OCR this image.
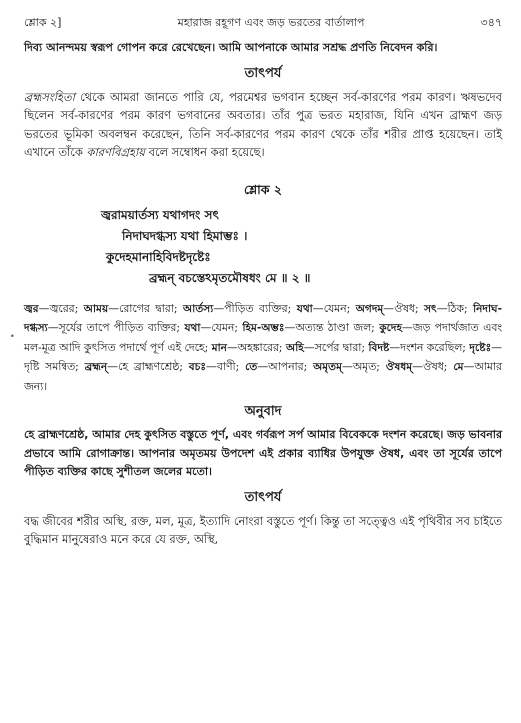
•
শ্লোক ২]	মহারাজ রহূগণ এবং জড় ভরতের বার্তালাপ	৩৪৭

দিব্য আনন্দময় স্বরূপ গোপন করে রেখেছেন। আমি আপনাকে আমার সশ্রদ্ধ প্রণতি নিবেদন করি।

তাৎপর্য

ব্রহ্মসংহিতা থেকে আমরা জানতে পারি যে, পরমেশ্বর ভগবান হচ্ছেন সর্ব-কারণের পরম কারণ। ঋষভদেব ছিলেন সর্ব-কারণের পরম কারণ ভগবানের অবতার। তাঁর পুত্র ভরত মহারাজ, যিনি এখন ব্রাহ্মণ জড় ভরতের ভূমিকা অবলম্বন করেছেন, তিনি সর্ব-কারণের পরম কারণ থেকে তাঁর শরীর প্রাপ্ত হয়েছেন। তাই এখানে তাঁকে কারণবিগ্রহায় বলে সম্বোধন করা হয়েছে।

শ্লোক ২
জ্বরাময়ার্তস্য যথাগদং সৎ
নিদাঘদগ্ধস্য যথা হিমাম্ভঃ ।
কুদেহমানাহিবিদষ্টদৃষ্টেঃ
ব্রহ্মন্ বচস্তেঽমৃতমৌষধং মে ॥ ২ ॥

জ্বর—জ্বরের; আময়—রোগের দ্বারা; আর্তস্য—পীড়িত ব্যক্তির; যথা—যেমন; অগদম্—ঔষধ; সৎ—ঠিক; নিদাঘ-দগ্ধস্য—সূর্যের তাপে পীড়িত ব্যক্তির; যথা—যেমন; হিম-অম্ভঃ—অত্যন্ত ঠাণ্ডা জল; কুদেহ—জড় পদার্থজাত এবং মল-মূত্র আদি কুৎসিত পদার্থে পূর্ণ এই দেহে; মান—অহঙ্কারের; অহি—সর্পের দ্বারা; বিদষ্ট—দংশন করেছিল; দৃষ্টেঃ—দৃষ্টি সমন্বিত; ব্রহ্মন্—হে ব্রাহ্মণশ্রেষ্ঠ; বচঃ—বাণী; তে—আপনার; অমৃতম্—অমৃত; ঔষধম্—ঔষধ; মে—আমার জন্য।

অনুবাদ

হে ব্রাহ্মণশ্রেষ্ঠ, আমার দেহ কুৎসিত বস্তুতে পূর্ণ, এবং গর্বরূপ সর্প আমার বিবেককে দংশন করেছে। জড় ভাবনার প্রভাবে আমি রোগাক্রান্ত। আপনার অমৃতময় উপদেশ এই প্রকার ব্যাধির উপযুক্ত ঔষধ, এবং তা সূর্যের তাপে পীড়িত ব্যক্তির কাছে সুশীতল জলের মতো।

তাৎপর্য

বদ্ধ জীবের শরীর অস্থি, রক্ত, মল, মূত্র, ইত্যাদি নোংরা বস্তুতে পূর্ণ। কিন্তু তা সত্ত্বেও এই পৃথিবীর সব চাইতে বুদ্ধিমান মানুষেরাও মনে করে যে রক্ত, অস্থি,
